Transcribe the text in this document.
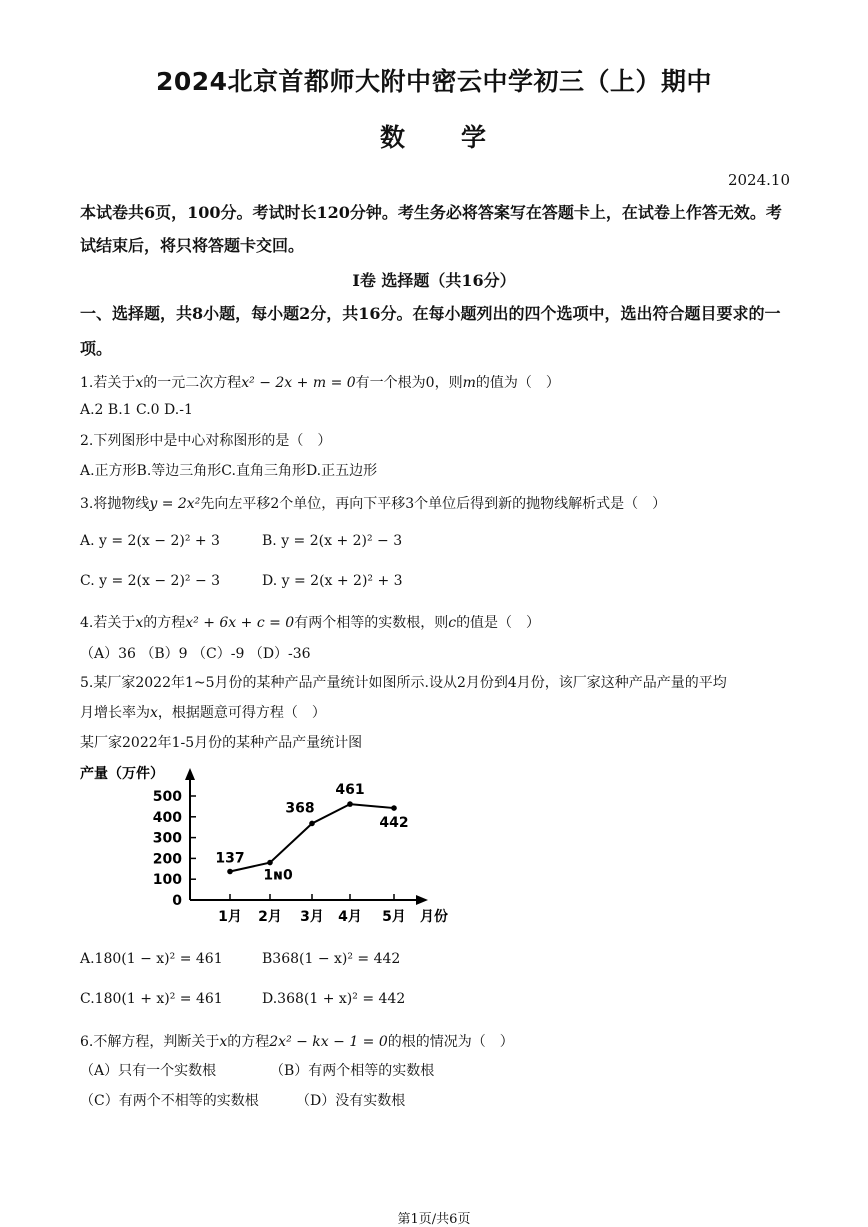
2024北京首都师大附中密云中学初三（上）期中
数　　学
2024.10
本试卷共6页，100分。考试时长120分钟。考生务必将答案写在答题卡上，在试卷上作答无效。考试结束后，将只将答题卡交回。
Ⅰ卷 选择题（共16分）
一、选择题，共8小题，每小题2分，共16分。在每小题列出的四个选项中，选出符合题目要求的一项。
1.若关于x的一元二次方程x² − 2x + m = 0有一个根为0，则m的值为（　）
A.2 B.1 C.0 D.-1
2.下列图形中是中心对称图形的是（　）
A.正方形B.等边三角形C.直角三角形D.正五边形
3.将抛物线y = 2x²先向左平移2个单位，再向下平移3个单位后得到新的抛物线解析式是（　）
A. y = 2(x − 2)² + 3	B. y = 2(x + 2)² − 3
C. y = 2(x − 2)² − 3	D. y = 2(x + 2)² + 3
4.若关于x的方程x² + 6x + c = 0有两个相等的实数根，则c的值是（　）
（A）36 （B）9 （C）-9 （D）-36
5.某厂家2022年1~5月份的某种产品产量统计如图所示.设从2月份到4月份，该厂家这种产品产量的平均
月增长率为x，根据题意可得方程（　）
某厂家2022年1-5月份的某种产品产量统计图
产量（万件）
月份
0
100
200
300
400
500
1月 2月 3月 4月 5月
137
1ɴ0
368
461
442
A.180(1 − x)² = 461	B368(1 − x)² = 442
C.180(1 + x)² = 461	D.368(1 + x)² = 442
6.不解方程，判断关于x的方程2x² − kx − 1 = 0的根的情况为（　）
（A）只有一个实数根	（B）有两个相等的实数根
（C）有两个不相等的实数根	（D）没有实数根
第1页/共6页
